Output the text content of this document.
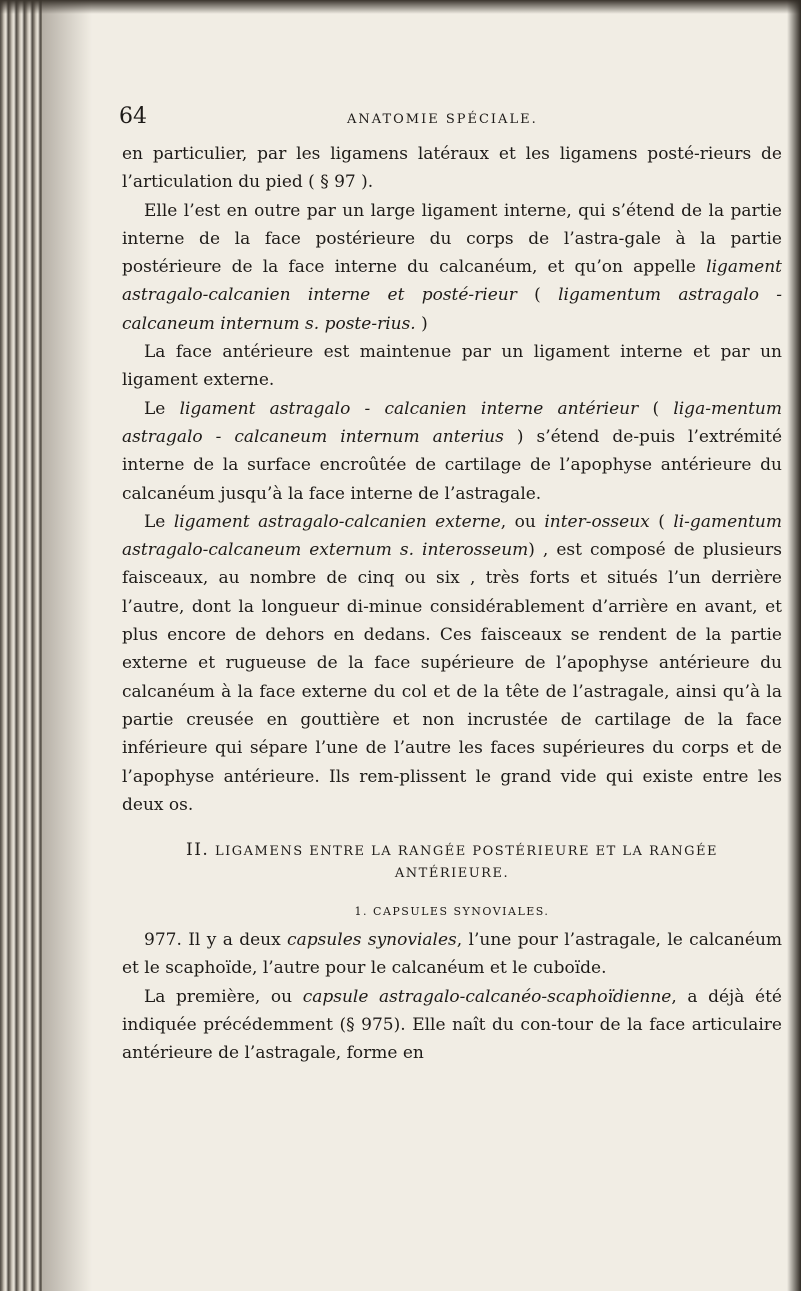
64	ANATOMIE SPÉCIALE.

en particulier, par les ligamens latéraux et les ligamens posté-rieurs de l’articulation du pied ( § 97 ).

Elle l’est en outre par un large ligament interne, qui s’étend de la partie interne de la face postérieure du corps de l’astra-gale à la partie postérieure de la face interne du calcanéum, et qu’on appelle ligament astragalo-calcanien interne et posté-rieur ( ligamentum astragalo - calcaneum internum s. poste-rius. )

La face antérieure est maintenue par un ligament interne et par un ligament externe.

Le ligament astragalo - calcanien interne antérieur ( liga-mentum astragalo - calcaneum internum anterius ) s’étend de-puis l’extrémité interne de la surface encroûtée de cartilage de l’apophyse antérieure du calcanéum jusqu’à la face interne de l’astragale.

Le ligament astragalo-calcanien externe, ou inter-osseux ( li-gamentum astragalo-calcaneum externum s. interosseum) , est composé de plusieurs faisceaux, au nombre de cinq ou six , très forts et situés l’un derrière l’autre, dont la longueur di-minue considérablement d’arrière en avant, et plus encore de dehors en dedans. Ces faisceaux se rendent de la partie externe et rugueuse de la face supérieure de l’apophyse antérieure du calcanéum à la face externe du col et de la tête de l’astragale, ainsi qu’à la partie creusée en gouttière et non incrustée de cartilage de la face inférieure qui sépare l’une de l’autre les faces supérieures du corps et de l’apophyse antérieure. Ils rem-plissent le grand vide qui existe entre les deux os.

II. LIGAMENS ENTRE LA RANGÉE POSTÉRIEURE ET LA RANGÉE
ANTÉRIEURE.
1. CAPSULES SYNOVIALES.

977. Il y a deux capsules synoviales, l’une pour l’astragale, le calcanéum et le scaphoïde, l’autre pour le calcanéum et le cuboïde.

La première, ou capsule astragalo-calcanéo-scaphoïdienne, a déjà été indiquée précédemment (§ 975). Elle naît du con-tour de la face articulaire antérieure de l’astragale, forme en
